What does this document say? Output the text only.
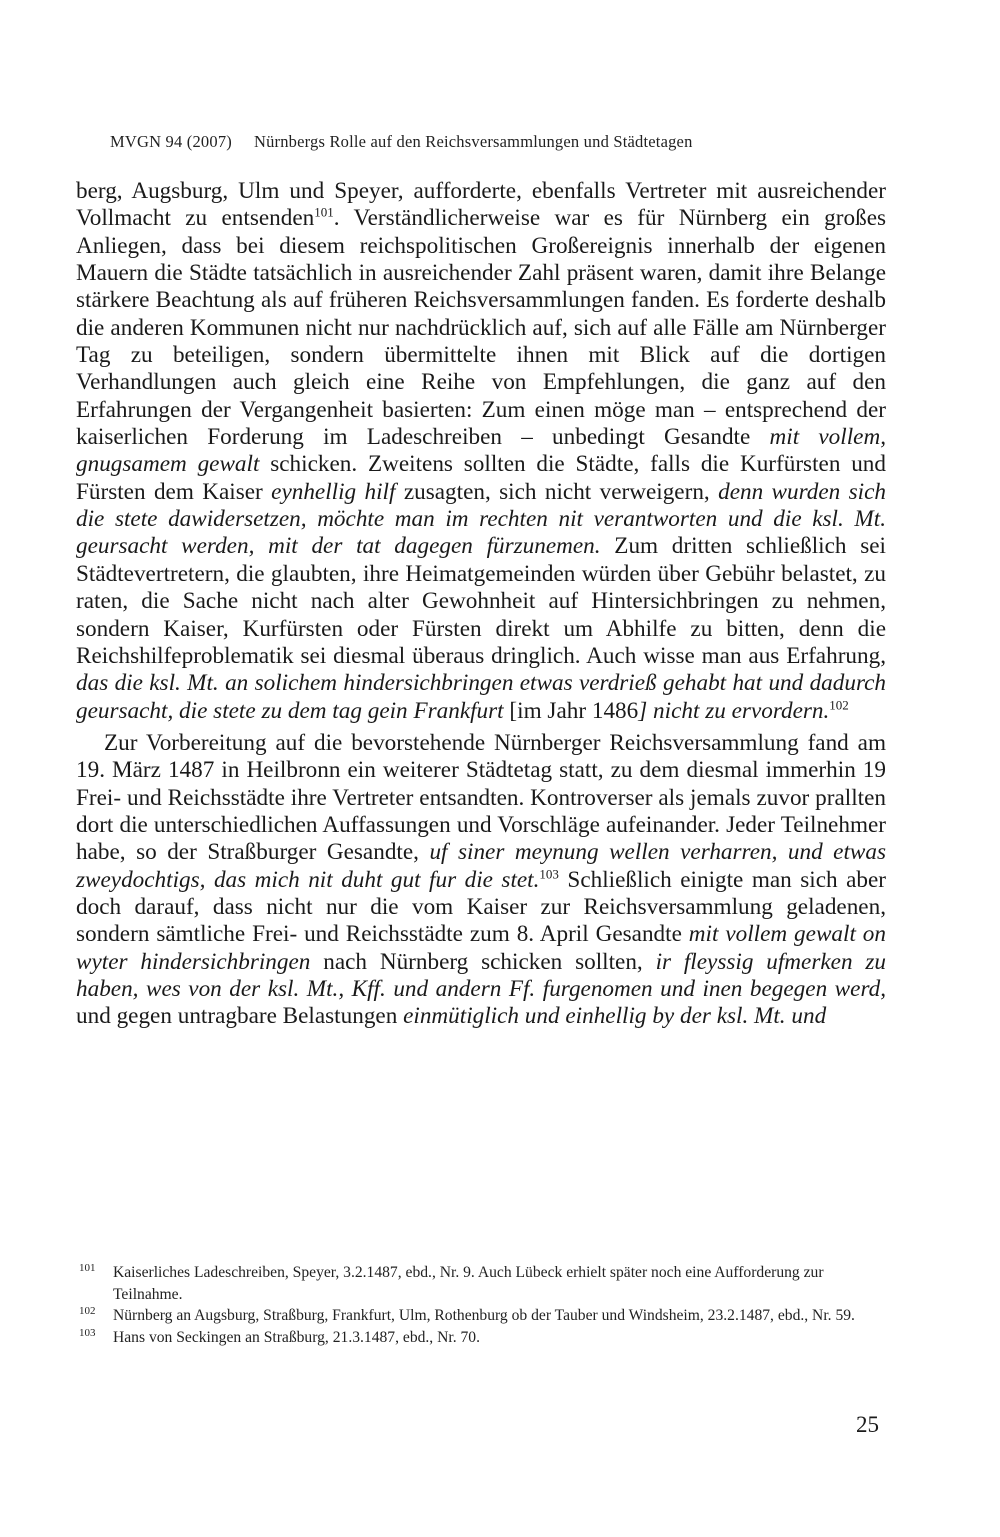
MVGN 94 (2007) Nürnbergs Rolle auf den Reichsversammlungen und Städtetagen

berg, Augsburg, Ulm und Speyer, aufforderte, ebenfalls Vertreter mit ausreichender Vollmacht zu entsenden$^{101}$. Verständlicherweise war es für Nürnberg ein großes Anliegen, dass bei diesem reichspolitischen Großereignis innerhalb der eigenen Mauern die Städte tatsächlich in ausreichender Zahl präsent waren, damit ihre Belange stärkere Beachtung als auf früheren Reichsversammlungen fanden. Es forderte deshalb die anderen Kommunen nicht nur nachdrücklich auf, sich auf alle Fälle am Nürnberger Tag zu beteiligen, sondern übermittelte ihnen mit Blick auf die dortigen Verhandlungen auch gleich eine Reihe von Empfehlungen, die ganz auf den Erfahrungen der Vergangenheit basierten: Zum einen möge man – entsprechend der kaiserlichen Forderung im Ladeschreiben – unbedingt Gesandte mit vollem, gnugsamem gewalt schicken. Zweitens sollten die Städte, falls die Kurfürsten und Fürsten dem Kaiser eynhellig hilf zusagten, sich nicht verweigern, denn wurden sich die stete dawidersetzen, möchte man im rechten nit verantworten und die ksl. Mt. geursacht werden, mit der tat dagegen fürzunemen. Zum dritten schließlich sei Städtevertretern, die glaubten, ihre Heimatgemeinden würden über Gebühr belastet, zu raten, die Sache nicht nach alter Gewohnheit auf Hintersichbringen zu nehmen, sondern Kaiser, Kurfürsten oder Fürsten direkt um Abhilfe zu bitten, denn die Reichshilfeproblematik sei diesmal überaus dringlich. Auch wisse man aus Erfahrung, das die ksl. Mt. an solichem hindersichbringen etwas verdrieß gehabt hat und dadurch geursacht, die stete zu dem tag gein Frankfurt [im Jahr 1486] nicht zu ervordern.$^{102}$

Zur Vorbereitung auf die bevorstehende Nürnberger Reichsversammlung fand am 19. März 1487 in Heilbronn ein weiterer Städtetag statt, zu dem diesmal immerhin 19 Frei- und Reichsstädte ihre Vertreter entsandten. Kontroverser als jemals zuvor prallten dort die unterschiedlichen Auffassungen und Vorschläge aufeinander. Jeder Teilnehmer habe, so der Straßburger Gesandte, uf siner meynung wellen verharren, und etwas zweydochtigs, das mich nit duht gut fur die stet.$^{103}$ Schließlich einigte man sich aber doch darauf, dass nicht nur die vom Kaiser zur Reichsversammlung geladenen, sondern sämtliche Frei- und Reichsstädte zum 8. April Gesandte mit vollem gewalt on wyter hindersichbringen nach Nürnberg schicken sollten, ir fleyssig ufmerken zu haben, wes von der ksl. Mt., Kff. und andern Ff. furgenomen und inen begegen werd, und gegen untragbare Belastungen einmütiglich und einhellig by der ksl. Mt. und

101 Kaiserliches Ladeschreiben, Speyer, 3.2.1487, ebd., Nr. 9. Auch Lübeck erhielt später noch eine Aufforderung zur Teilnahme.
102 Nürnberg an Augsburg, Straßburg, Frankfurt, Ulm, Rothenburg ob der Tauber und Windsheim, 23.2.1487, ebd., Nr. 59.
103 Hans von Seckingen an Straßburg, 21.3.1487, ebd., Nr. 70.
25
